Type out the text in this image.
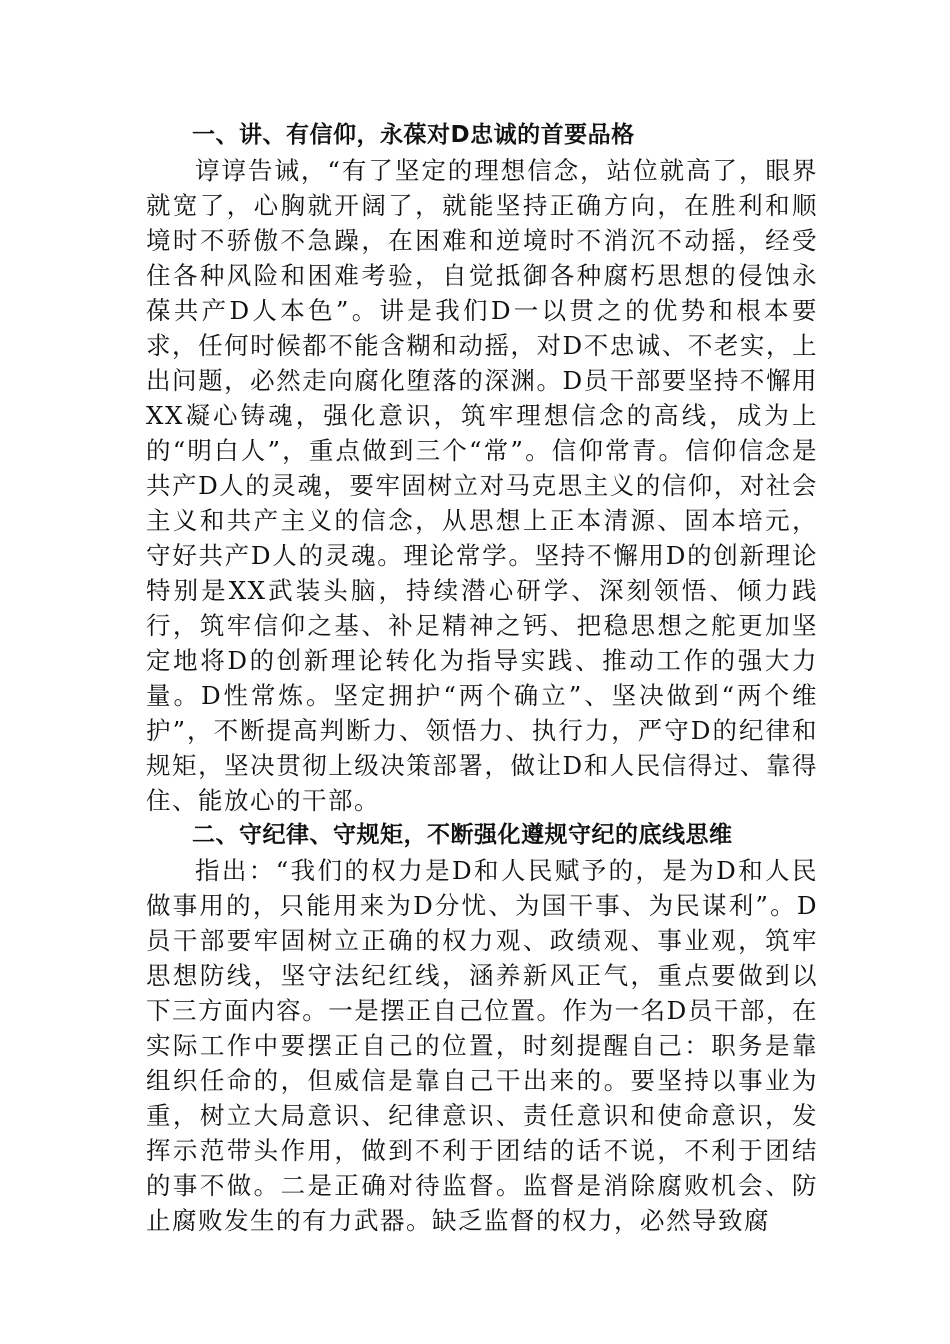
一、讲、有信仰，永葆对D忠诚的首要品格

谆谆告诫，“有了坚定的理想信念，站位就高了，眼界就宽了，心胸就开阔了，就能坚持正确方向，在胜利和顺境时不骄傲不急躁，在困难和逆境时不消沉不动摇，经受住各种风险和困难考验，自觉抵御各种腐朽思想的侵蚀永葆共产D人本色”。讲是我们D一以贯之的优势和根本要求，任何时候都不能含糊和动摇，对D不忠诚、不老实，上出问题，必然走向腐化堕落的深渊。D员干部要坚持不懈用XX凝心铸魂，强化意识，筑牢理想信念的高线，成为上的“明白人”，重点做到三个“常”。信仰常青。信仰信念是共产D人的灵魂，要牢固树立对马克思主义的信仰，对社会主义和共产主义的信念，从思想上正本清源、固本培元，守好共产D人的灵魂。理论常学。坚持不懈用D的创新理论特别是XX武装头脑，持续潜心研学、深刻领悟、倾力践行，筑牢信仰之基、补足精神之钙、把稳思想之舵更加坚定地将D的创新理论转化为指导实践、推动工作的强大力量。D性常炼。坚定拥护“两个确立”、坚决做到“两个维护”，不断提高判断力、领悟力、执行力，严守D的纪律和规矩，坚决贯彻上级决策部署，做让D和人民信得过、靠得住、能放心的干部。

二、守纪律、守规矩，不断强化遵规守纪的底线思维

指出：“我们的权力是D和人民赋予的，是为D和人民做事用的，只能用来为D分忧、为国干事、为民谋利”。D员干部要牢固树立正确的权力观、政绩观、事业观，筑牢思想防线，坚守法纪红线，涵养新风正气，重点要做到以下三方面内容。一是摆正自己位置。作为一名D员干部，在实际工作中要摆正自己的位置，时刻提醒自己：职务是靠组织任命的，但威信是靠自己干出来的。要坚持以事业为重，树立大局意识、纪律意识、责任意识和使命意识，发挥示范带头作用，做到不利于团结的话不说，不利于团结的事不做。二是正确对待监督。监督是消除腐败机会、防止腐败发生的有力武器。缺乏监督的权力，必然导致腐
